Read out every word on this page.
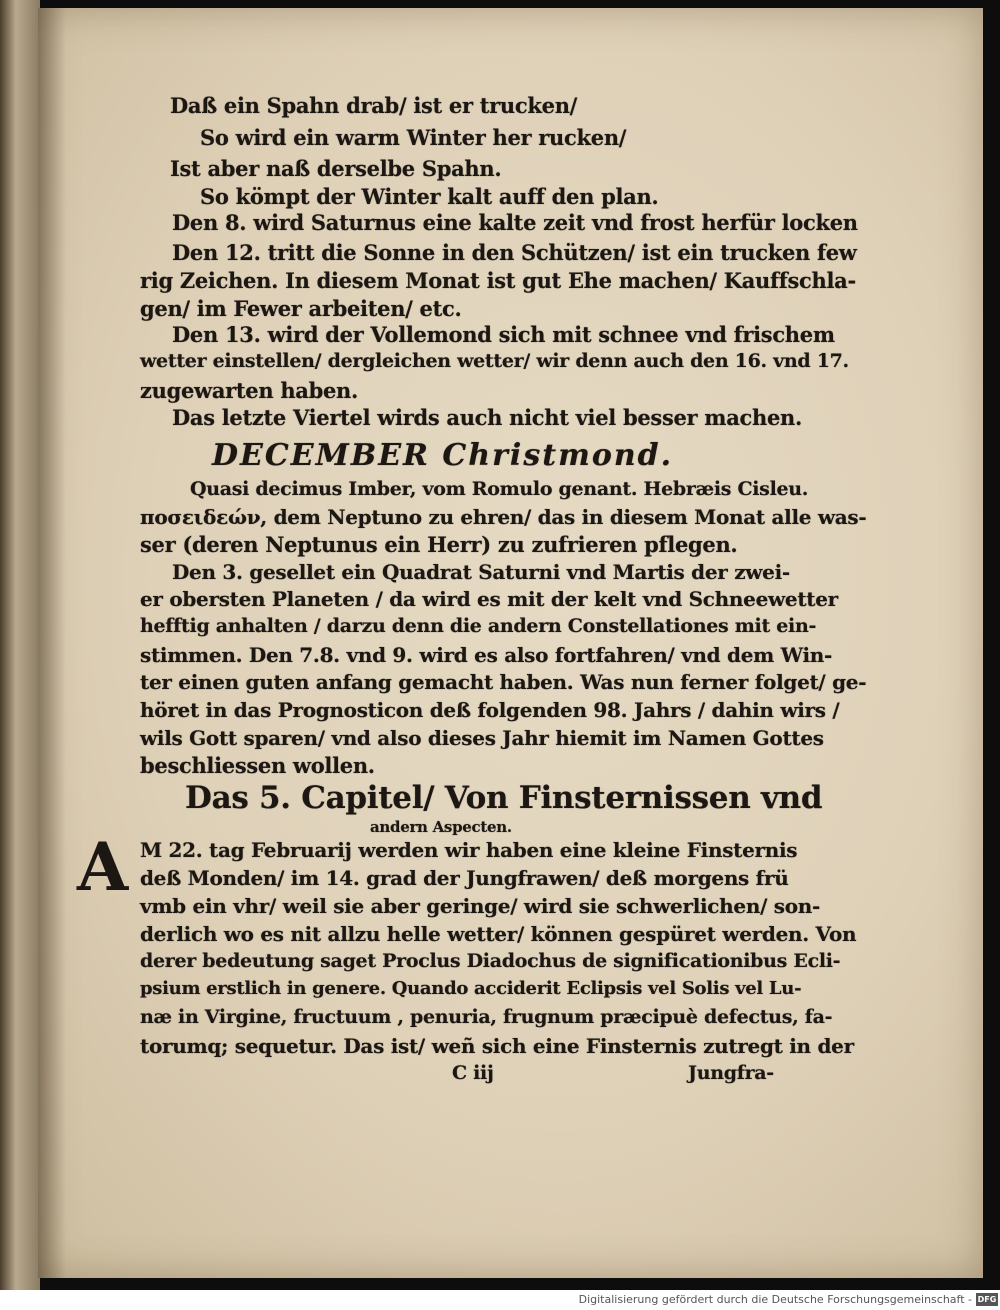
Daß ein Spahn drab/ ist er trucken/
So wird ein warm Winter her rucken/
Ist aber naß derselbe Spahn.
So kömpt der Winter kalt auff den plan.
Den 8. wird Saturnus eine kalte zeit vnd frost herfür locken
Den 12. tritt die Sonne in den Schützen/ ist ein trucken few
rig Zeichen. In diesem Monat ist gut Ehe machen/ Kauffschla-
gen/ im Fewer arbeiten/ etc.
Den 13. wird der Vollemond sich mit schnee vnd frischem
wetter einstellen/ dergleichen wetter/ wir denn auch den 16. vnd 17.
zugewarten haben.
Das letzte Viertel wirds auch nicht viel besser machen.
DECEMBER Christmond.
Quasi decimus Imber, vom Romulo genant. Hebræis Cisleu.
ποσειδεών, dem Neptuno zu ehren/ das in diesem Monat alle was-
ser (deren Neptunus ein Herr) zu zufrieren pflegen.
Den 3. gesellet ein Quadrat Saturni vnd Martis der zwei-
er obersten Planeten / da wird es mit der kelt vnd Schneewetter
hefftig anhalten / darzu denn die andern Constellationes mit ein-
stimmen. Den 7.8. vnd 9. wird es also fortfahren/ vnd dem Win-
ter einen guten anfang gemacht haben. Was nun ferner folget/ ge-
höret in das Prognosticon deß folgenden 98. Jahrs / dahin wirs /
wils Gott sparen/ vnd also dieses Jahr hiemit im Namen Gottes
beschliessen wollen.
Das 5. Capitel/ Von Finsternissen vnd
andern Aspecten.
A M 22. tag Februarij werden wir haben eine kleine Finsternis
deß Monden/ im 14. grad der Jungfrawen/ deß morgens frü
vmb ein vhr/ weil sie aber geringe/ wird sie schwerlichen/ son-
derlich wo es nit allzu helle wetter/ können gespüret werden. Von
derer bedeutung saget Proclus Diadochus de significationibus Ecli-
psium erstlich in genere. Quando acciderit Eclipsis vel Solis vel Lu-
næ in Virgine, fructuum , penuria, frugnum præcipuè defectus, fa-
torumq; sequetur. Das ist/ weñ sich eine Finsternis zutregt in der
C iij	Jungfra-
Digitalisierung gefördert durch die Deutsche Forschungsgemeinschaft - DFG
